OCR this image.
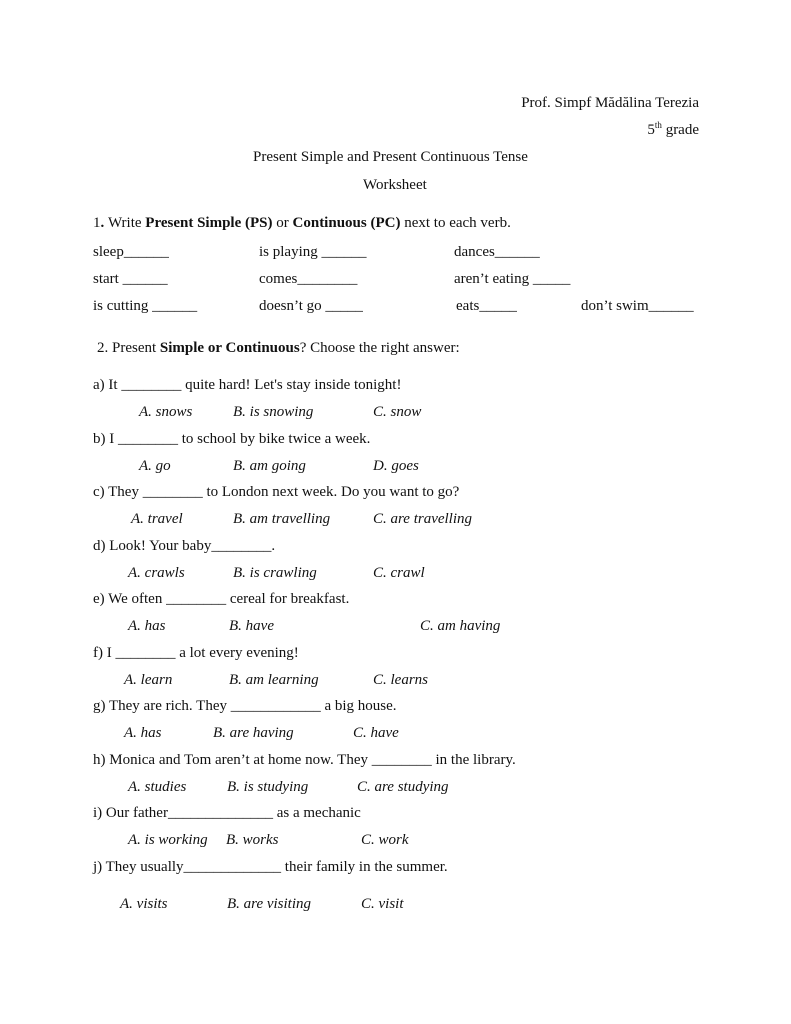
Prof. Simpf Mădălina Terezia
5th grade
Present Simple and Present Continuous Tense
Worksheet
1. Write Present Simple (PS) or Continuous (PC) next to each verb.
sleep______	is playing ______	dances______
start ______	comes________	aren’t eating _____
is cutting ______	doesn’t go _____	eats_____	don’t swim______
2. Present Simple or Continuous? Choose the right answer:
a) It ________ quite hard! Let's stay inside tonight!
A. snows	B. is snowing	C. snow
b) I ________ to school by bike twice a week.
A. go	B. am going	D. goes
c) They ________ to London next week. Do you want to go?
A. travel	B. am travelling	C. are travelling
d) Look! Your baby________.
A. crawls	B. is crawling	C. crawl
e) We often ________ cereal for breakfast.
A. has	B. have	C. am having
f) I ________ a lot every evening!
A. learn	B. am learning	C. learns
g) They are rich. They ____________ a big house.
A. has	B. are having	C. have
h) Monica and Tom aren’t at home now. They ________ in the library.
A. studies	B. is studying	C. are studying
i) Our father______________ as a mechanic
A. is working B. works	C. work
j) They usually_____________ their family in the summer.
A. visits	B. are visiting	C. visit
